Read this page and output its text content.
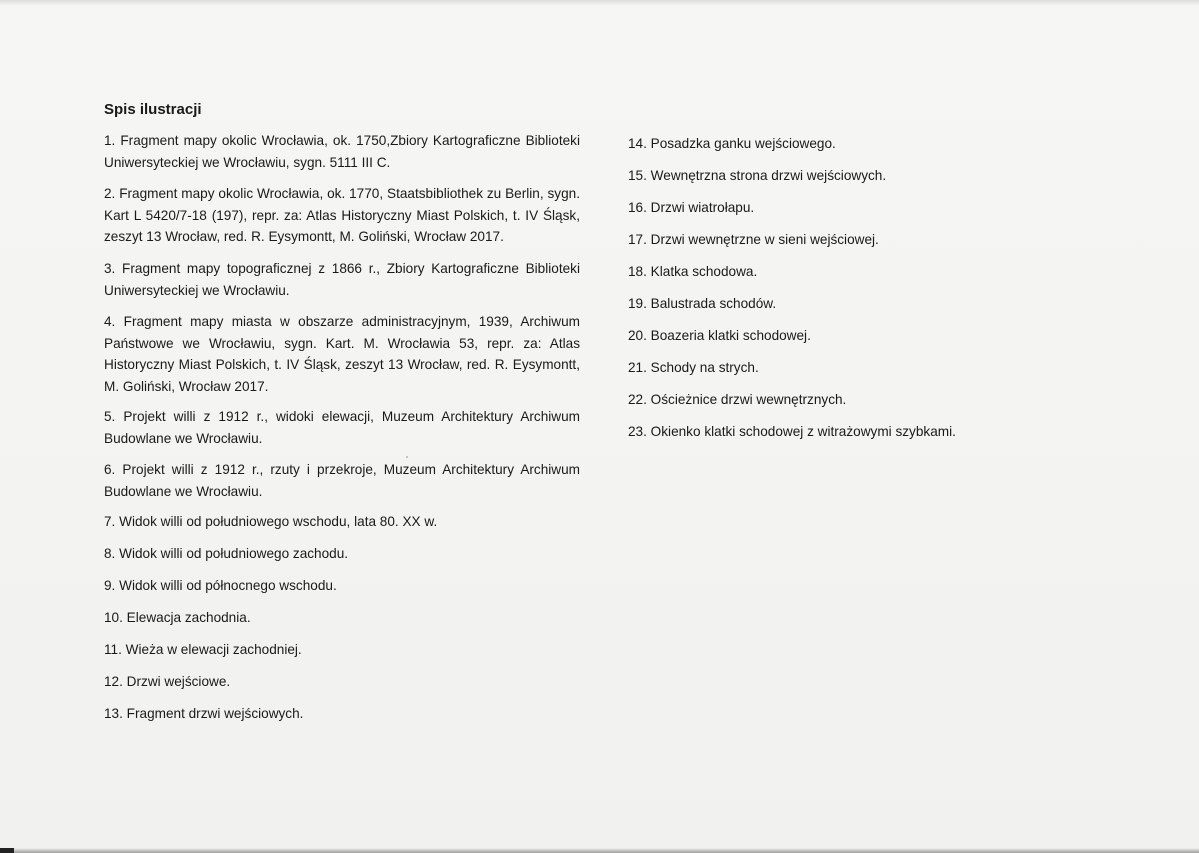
Spis ilustracji
1. Fragment mapy okolic Wrocławia, ok. 1750,Zbiory Kartograficzne Biblioteki Uniwersyteckiej we Wrocławiu, sygn. 5111 III C.
2. Fragment mapy okolic Wrocławia, ok. 1770, Staatsbibliothek zu Berlin, sygn. Kart L 5420/7-18 (197), repr. za: Atlas Historyczny Miast Polskich, t. IV Śląsk, zeszyt 13 Wrocław, red. R. Eysymontt, M. Goliński, Wrocław 2017.
3. Fragment mapy topograficznej z 1866 r., Zbiory Kartograficzne Biblioteki Uniwersyteckiej we Wrocławiu.
4. Fragment mapy miasta w obszarze administracyjnym, 1939, Archiwum Państwowe we Wrocławiu, sygn. Kart. M. Wrocławia 53, repr. za: Atlas Historyczny Miast Polskich, t. IV Śląsk, zeszyt 13 Wrocław, red. R. Eysymontt, M. Goliński, Wrocław 2017.
5. Projekt willi z 1912 r., widoki elewacji, Muzeum Architektury Archiwum Budowlane we Wrocławiu.
6. Projekt willi z 1912 r., rzuty i przekroje, Muzeum Architektury Archiwum Budowlane we Wrocławiu.
7. Widok willi od południowego wschodu, lata 80. XX w.
8. Widok willi od południowego zachodu.
9. Widok willi od północnego wschodu.
10. Elewacja zachodnia.
11. Wieża w elewacji zachodniej.
12. Drzwi wejściowe.
13. Fragment drzwi wejściowych.
14. Posadzka ganku wejściowego.
15. Wewnętrzna strona drzwi wejściowych.
16. Drzwi wiatrołapu.
17. Drzwi wewnętrzne w sieni wejściowej.
18. Klatka schodowa.
19. Balustrada schodów.
20. Boazeria klatki schodowej.
21. Schody na strych.
22. Ościeżnice drzwi wewnętrznych.
23. Okienko klatki schodowej z witrażowymi szybkami.
